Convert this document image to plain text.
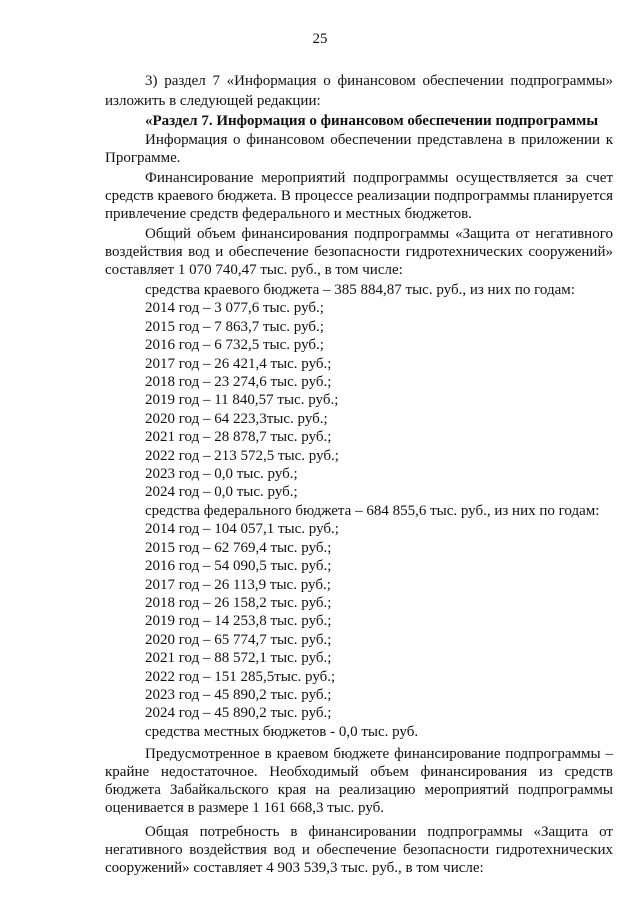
25

3) раздел 7 «Информация о финансовом обеспечении подпрограммы»

изложить в следующей редакции:

«Раздел 7. Информация о финансовом обеспечении подпрограммы

Информация о финансовом обеспечении представлена в приложении к Программе.

Финансирование мероприятий подпрограммы осуществляется за счет средств краевого бюджета. В процессе реализации подпрограммы планируется привлечение средств федерального и местных бюджетов.

Общий объем финансирования подпрограммы «Защита от негативного воздействия вод и обеспечение безопасности гидротехнических сооружений» составляет 1 070 740,47 тыс. руб., в том числе:

средства краевого бюджета – 385 884,87 тыс. руб., из них по годам:
2014 год – 3 077,6 тыс. руб.;
2015 год – 7 863,7 тыс. руб.;
2016 год – 6 732,5 тыс. руб.;
2017 год – 26 421,4 тыс. руб.;
2018 год – 23 274,6 тыс. руб.;
2019 год – 11 840,57 тыс. руб.;
2020 год – 64 223,3тыс. руб.;
2021 год – 28 878,7 тыс. руб.;
2022 год – 213 572,5 тыс. руб.;
2023 год – 0,0 тыс. руб.;
2024 год – 0,0 тыс. руб.;
средства федерального бюджета – 684 855,6 тыс. руб., из них по годам:
2014 год – 104 057,1 тыс. руб.;
2015 год – 62 769,4 тыс. руб.;
2016 год – 54 090,5 тыс. руб.;
2017 год – 26 113,9 тыс. руб.;
2018 год – 26 158,2 тыс. руб.;
2019 год – 14 253,8 тыс. руб.;
2020 год – 65 774,7 тыс. руб.;
2021 год – 88 572,1 тыс. руб.;
2022 год – 151 285,5тыс. руб.;
2023 год – 45 890,2 тыс. руб.;
2024 год – 45 890,2 тыс. руб.;
средства местных бюджетов - 0,0 тыс. руб.

Предусмотренное в краевом бюджете финансирование подпрограммы – крайне недостаточное. Необходимый объем финансирования из средств бюджета Забайкальского края на реализацию мероприятий подпрограммы оценивается в размере 1 161 668,3 тыс. руб.

Общая потребность в финансировании подпрограммы «Защита от негативного воздействия вод и обеспечение безопасности гидротехнических сооружений» составляет 4 903 539,3 тыс. руб., в том числе:
